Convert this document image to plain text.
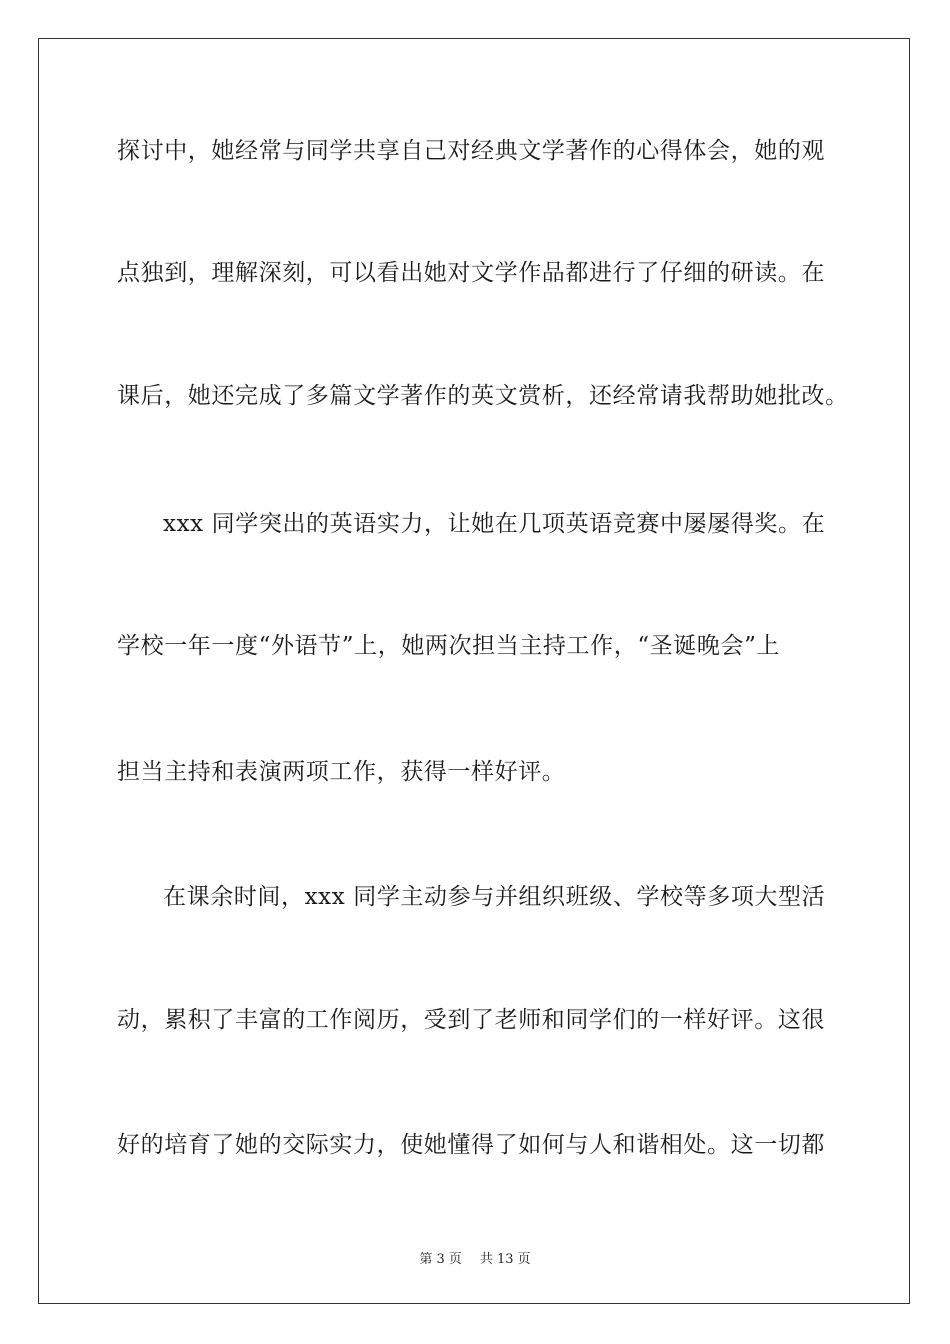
探讨中，她经常与同学共享自己对经典文学著作的心得体会，她的观
点独到，理解深刻，可以看出她对文学作品都进行了仔细的研读。在
课后，她还完成了多篇文学著作的英文赏析，还经常请我帮助她批改。
xxx 同学突出的英语实力，让她在几项英语竞赛中屡屡得奖。在
学校一年一度“外语节”上，她两次担当主持工作，“圣诞晚会”上
担当主持和表演两项工作，获得一样好评。
在课余时间，xxx 同学主动参与并组织班级、学校等多项大型活
动，累积了丰富的工作阅历，受到了老师和同学们的一样好评。这很
好的培育了她的交际实力，使她懂得了如何与人和谐相处。这一切都
第 3 页 共 13 页
